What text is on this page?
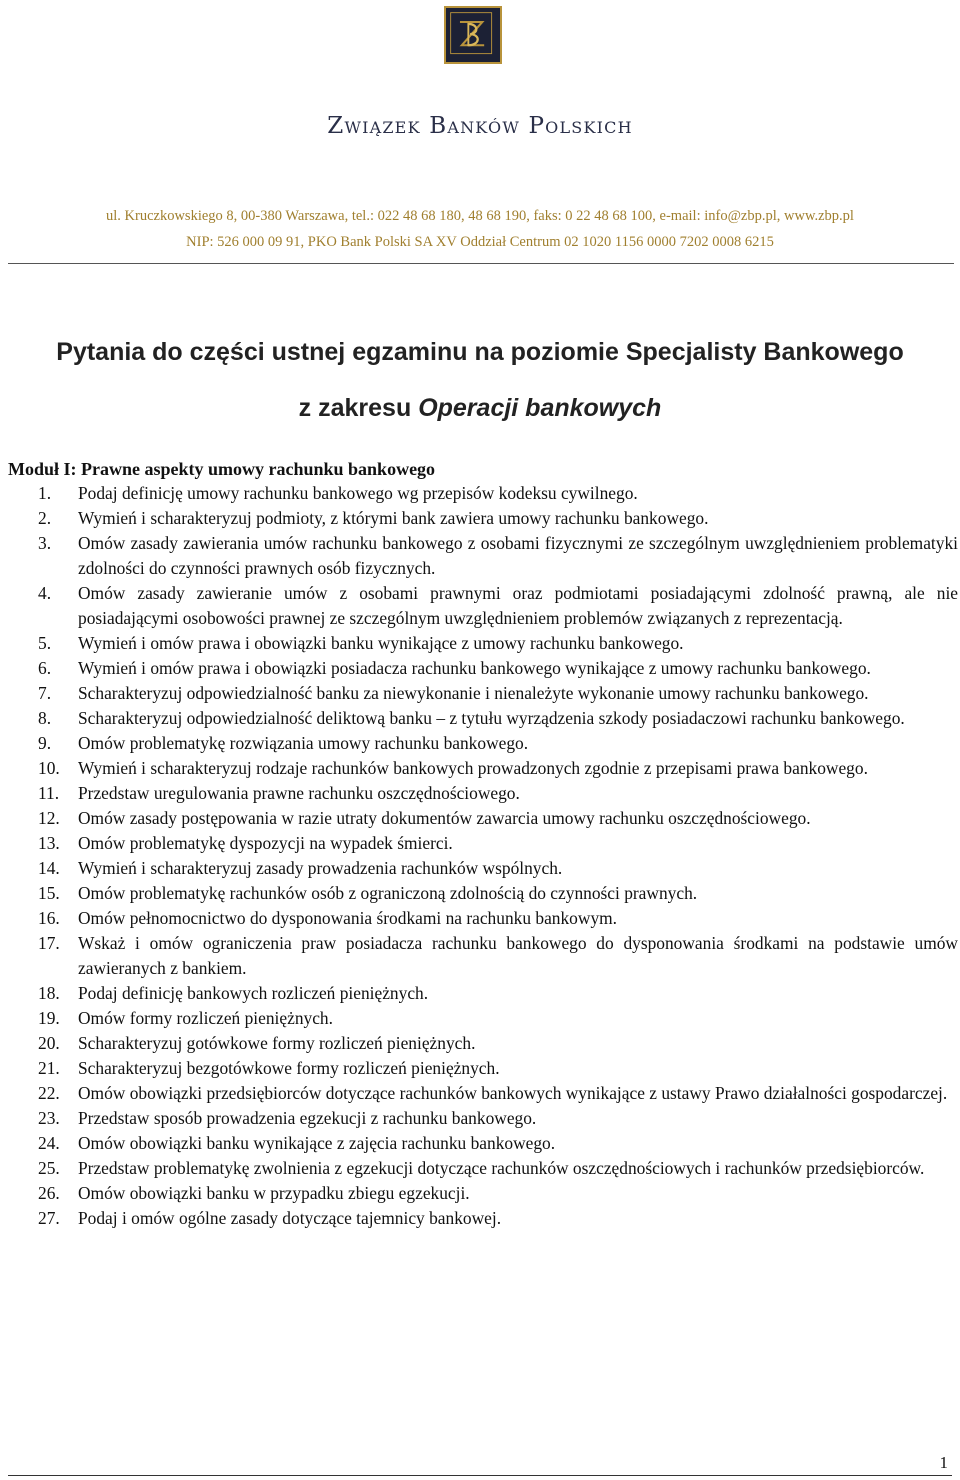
Związek Banków Polskich
ul. Kruczkowskiego 8, 00-380 Warszawa, tel.: 022 48 68 180, 48 68 190, faks: 0 22 48 68 100, e-mail: info@zbp.pl, www.zbp.pl
NIP: 526 000 09 91, PKO Bank Polski SA XV Oddział Centrum 02 1020 1156 0000 7202 0008 6215
Pytania do części ustnej egzaminu na poziomie Specjalisty Bankowego
z zakresu Operacji bankowych
Moduł I: Prawne aspekty umowy rachunku bankowego
1.	Podaj definicję umowy rachunku bankowego wg przepisów kodeksu cywilnego.
2.	Wymień i scharakteryzuj podmioty, z którymi bank zawiera umowy rachunku bankowego.
3.	Omów zasady zawierania umów rachunku bankowego z osobami fizycznymi ze szczególnym uwzględnieniem problematyki zdolności do czynności prawnych osób fizycznych.
4.	Omów zasady zawieranie umów z osobami prawnymi oraz podmiotami posiadającymi zdolność prawną, ale nie posiadającymi osobowości prawnej ze szczególnym uwzględnieniem problemów związanych z reprezentacją.
5.	Wymień i omów prawa i obowiązki banku wynikające z umowy rachunku bankowego.
6.	Wymień i omów prawa i obowiązki posiadacza rachunku bankowego wynikające z umowy rachunku bankowego.
7.	Scharakteryzuj odpowiedzialność banku za niewykonanie i nienależyte wykonanie umowy rachunku bankowego.
8.	Scharakteryzuj odpowiedzialność deliktową banku – z tytułu wyrządzenia szkody posiadaczowi rachunku bankowego.
9.	Omów problematykę rozwiązania umowy rachunku bankowego.
10.	Wymień i scharakteryzuj rodzaje rachunków bankowych prowadzonych zgodnie z przepisami prawa bankowego.
11.	Przedstaw uregulowania prawne rachunku oszczędnościowego.
12.	Omów zasady postępowania w razie utraty dokumentów zawarcia umowy rachunku oszczędnościowego.
13.	Omów problematykę dyspozycji na wypadek śmierci.
14.	Wymień i scharakteryzuj zasady prowadzenia rachunków wspólnych.
15.	Omów problematykę rachunków osób z ograniczoną zdolnością do czynności prawnych.
16.	Omów pełnomocnictwo do dysponowania środkami na rachunku bankowym.
17.	Wskaż i omów ograniczenia praw posiadacza rachunku bankowego do dysponowania środkami na podstawie umów zawieranych z bankiem.
18.	Podaj definicję bankowych rozliczeń pieniężnych.
19.	Omów formy rozliczeń pieniężnych.
20.	Scharakteryzuj gotówkowe formy rozliczeń pieniężnych.
21.	Scharakteryzuj bezgotówkowe formy rozliczeń pieniężnych.
22.	Omów obowiązki przedsiębiorców dotyczące rachunków bankowych wynikające z ustawy Prawo działalności gospodarczej.
23.	Przedstaw sposób prowadzenia egzekucji z rachunku bankowego.
24.	Omów obowiązki banku wynikające z zajęcia rachunku bankowego.
25.	Przedstaw problematykę zwolnienia z egzekucji dotyczące rachunków oszczędnościowych i rachunków przedsiębiorców.
26.	Omów obowiązki banku w przypadku zbiegu egzekucji.
27.	Podaj i omów ogólne zasady dotyczące tajemnicy bankowej.
1
